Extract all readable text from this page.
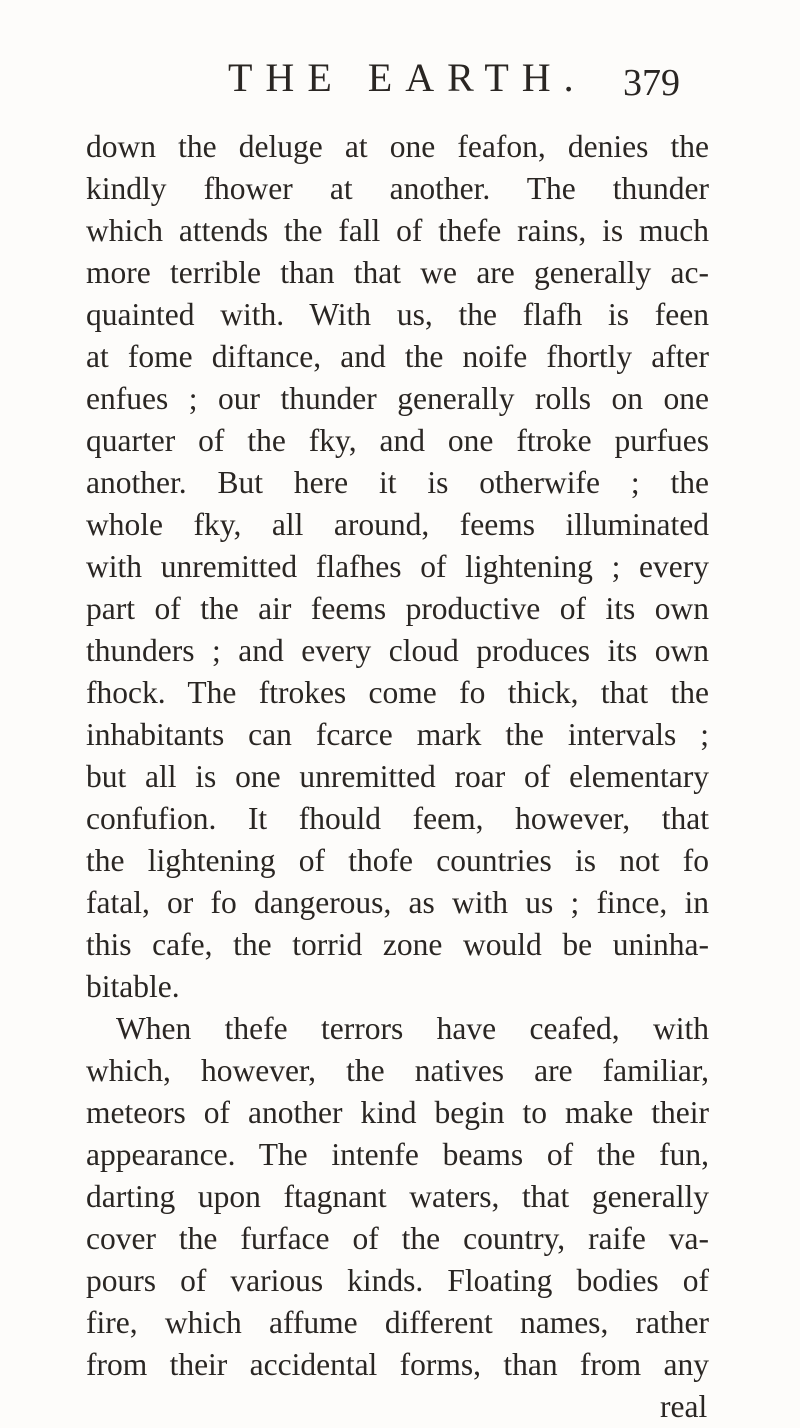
THE EARTH. 379
down the deluge at one feafon, denies the
kindly fhower at another. The thunder
which attends the fall of thefe rains, is much
more terrible than that we are generally ac-
quainted with. With us, the flafh is feen
at fome diftance, and the noife fhortly after
enfues ; our thunder generally rolls on one
quarter of the fky, and one ftroke purfues
another. But here it is otherwife ; the
whole fky, all around, feems illuminated
with unremitted flafhes of lightening ; every
part of the air feems productive of its own
thunders ; and every cloud produces its own
fhock. The ftrokes come fo thick, that the
inhabitants can fcarce mark the intervals ;
but all is one unremitted roar of elementary
confufion. It fhould feem, however, that
the lightening of thofe countries is not fo
fatal, or fo dangerous, as with us ; fince, in
this cafe, the torrid zone would be uninha-
bitable.
When thefe terrors have ceafed, with
which, however, the natives are familiar,
meteors of another kind begin to make their
appearance. The intenfe beams of the fun,
darting upon ftagnant waters, that generally
cover the furface of the country, raife va-
pours of various kinds. Floating bodies of
fire, which affume different names, rather
from their accidental forms, than from any
real
